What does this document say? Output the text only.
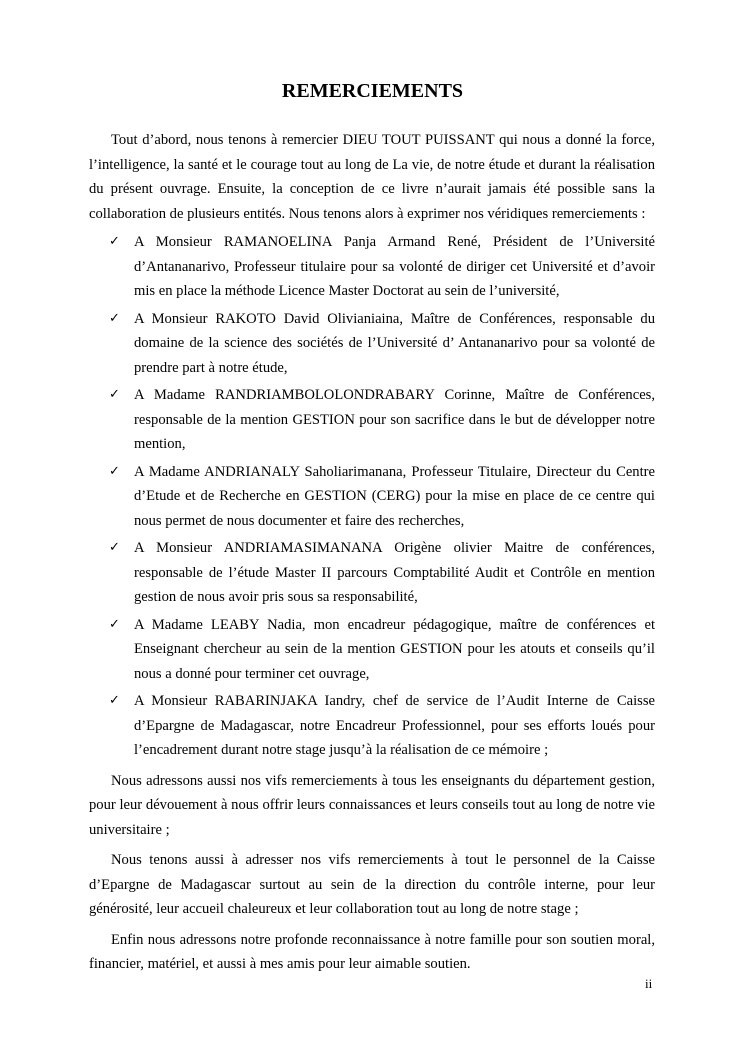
REMERCIEMENTS

Tout d’abord, nous tenons à remercier DIEU TOUT PUISSANT qui nous a donné la force, l’intelligence, la santé et le courage tout au long de La vie, de notre étude et durant la réalisation du présent ouvrage. Ensuite, la conception de ce livre n’aurait jamais été possible sans la collaboration de plusieurs entités. Nous tenons alors à exprimer nos véridiques remerciements :

✓ A Monsieur RAMANOELINA Panja Armand René, Président de l’Université d’Antananarivo, Professeur titulaire pour sa volonté de diriger cet Université et d’avoir mis en place la méthode Licence Master Doctorat au sein de l’université,
✓ A Monsieur RAKOTO David Olivianiaina, Maître de Conférences, responsable du domaine de la science des sociétés de l’Université d’ Antananarivo pour sa volonté de prendre part à notre étude,
✓ A Madame RANDRIAMBOLOLONDRABARY Corinne, Maître de Conférences, responsable de la mention GESTION pour son sacrifice dans le but de développer notre mention,
✓ A Madame ANDRIANALY Saholiarimanana, Professeur Titulaire, Directeur du Centre d’Etude et de Recherche en GESTION (CERG) pour la mise en place de ce centre qui nous permet de nous documenter et faire des recherches,
✓ A Monsieur ANDRIAMASIMANANA Origène olivier Maitre de conférences, responsable de l’étude Master II parcours Comptabilité Audit et Contrôle en mention gestion de nous avoir pris sous sa responsabilité,
✓ A Madame LEABY Nadia, mon encadreur pédagogique, maître de conférences et Enseignant chercheur au sein de la mention GESTION pour les atouts et conseils qu’il nous a donné pour terminer cet ouvrage,
✓ A Monsieur RABARINJAKA Iandry, chef de service de l’Audit Interne de Caisse d’Epargne de Madagascar, notre Encadreur Professionnel, pour ses efforts loués pour l’encadrement durant notre stage jusqu’à la réalisation de ce mémoire ;

Nous adressons aussi nos vifs remerciements à tous les enseignants du département gestion, pour leur dévouement à nous offrir leurs connaissances et leurs conseils tout au long de notre vie universitaire ;

Nous tenons aussi à adresser nos vifs remerciements à tout le personnel de la Caisse d’Epargne de Madagascar surtout au sein de la direction du contrôle interne, pour leur générosité, leur accueil chaleureux et leur collaboration tout au long de notre stage ;

Enfin nous adressons notre profonde reconnaissance à notre famille pour son soutien moral, financier, matériel, et aussi à mes amis pour leur aimable soutien.

ii
